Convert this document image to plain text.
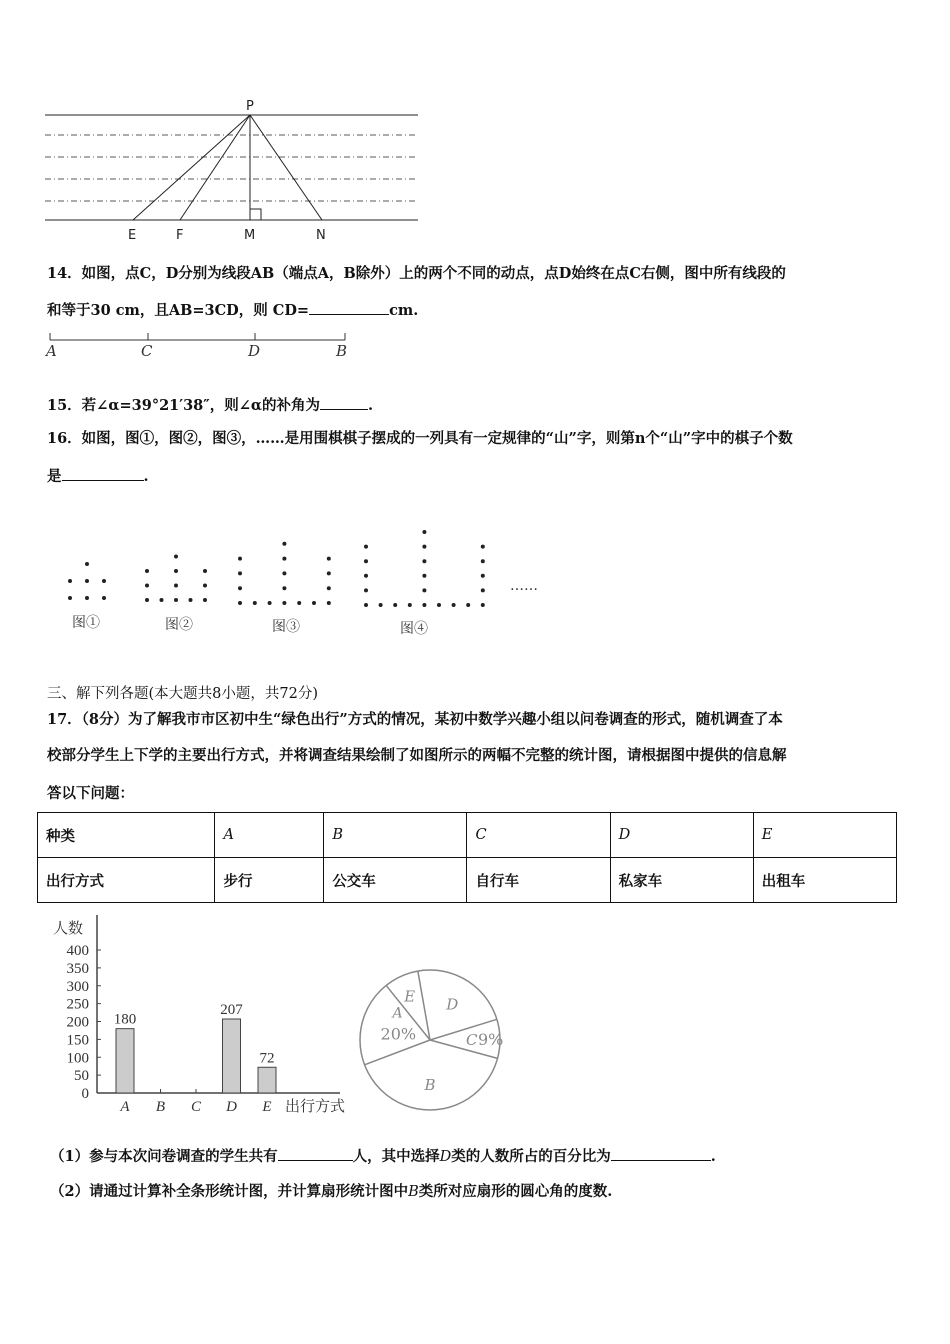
P
E	F	M	N
A	C	D	B
图①	图②	图③	图④
……
人数
出行方式
0
50
100
150
200
250
300
350
400
A
180
B C D
207
E
72
D
C 9%
B
A
20%
E
14．如图，点C，D分别为线段AB（端点A，B除外）上的两个不同的动点，点D始终在点C右侧，图中所有线段的
和等于30 cm，且AB=3CD，则 CD=	cm.
15．若∠α=39°21′38″，则∠α的补角为	.
16．如图，图①，图②，图③，……是用围棋棋子摆成的一列具有一定规律的“山”字，则第n个“山”字中的棋子个数
是	.
三、解下列各题(本大题共8小题，共72分)
17．（8分）为了解我市市区初中生“绿色出行”方式的情况，某初中数学兴趣小组以问卷调查的形式，随机调查了本
校部分学生上下学的主要出行方式，并将调查结果绘制了如图所示的两幅不完整的统计图，请根据图中提供的信息解
答以下问题：
种类	A	B	C	D	E
出行方式	步行	公交车	自行车	私家车	出租车
（1）参与本次问卷调查的学生共有	人，其中选择D类的人数所占的百分比为	.
（2）请通过计算补全条形统计图，并计算扇形统计图中B类所对应扇形的圆心角的度数.
